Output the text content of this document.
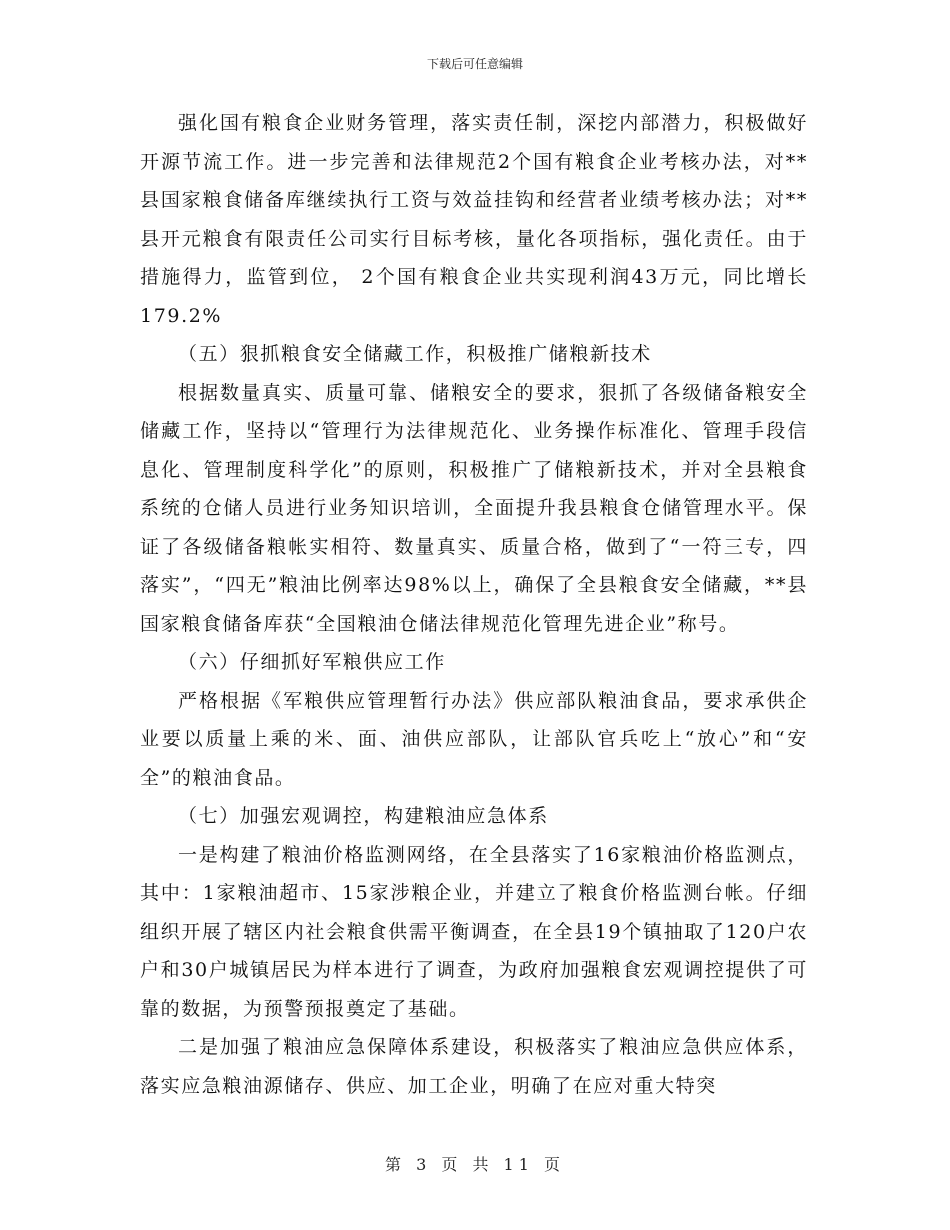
下载后可任意编辑

强化国有粮食企业财务管理，落实责任制，深挖内部潜力，积极做好开源节流工作。进一步完善和法律规范2个国有粮食企业考核办法，对**县国家粮食储备库继续执行工资与效益挂钩和经营者业绩考核办法；对**县开元粮食有限责任公司实行目标考核，量化各项指标，强化责任。由于措施得力，监管到位， 2个国有粮食企业共实现利润43万元，同比增长179.2%

（五）狠抓粮食安全储藏工作，积极推广储粮新技术

根据数量真实、质量可靠、储粮安全的要求，狠抓了各级储备粮安全储藏工作，坚持以“管理行为法律规范化、业务操作标准化、管理手段信息化、管理制度科学化”的原则，积极推广了储粮新技术，并对全县粮食系统的仓储人员进行业务知识培训，全面提升我县粮食仓储管理水平。保证了各级储备粮帐实相符、数量真实、质量合格，做到了“一符三专，四落实”，“四无”粮油比例率达98%以上，确保了全县粮食安全储藏，**县国家粮食储备库获“全国粮油仓储法律规范化管理先进企业”称号。

（六）仔细抓好军粮供应工作

严格根据《军粮供应管理暂行办法》供应部队粮油食品，要求承供企业要以质量上乘的米、面、油供应部队，让部队官兵吃上“放心”和“安全”的粮油食品。

（七）加强宏观调控，构建粮油应急体系

一是构建了粮油价格监测网络，在全县落实了16家粮油价格监测点，其中：1家粮油超市、15家涉粮企业，并建立了粮食价格监测台帐。仔细组织开展了辖区内社会粮食供需平衡调查，在全县19个镇抽取了120户农户和30户城镇居民为样本进行了调查，为政府加强粮食宏观调控提供了可靠的数据，为预警预报奠定了基础。

二是加强了粮油应急保障体系建设，积极落实了粮油应急供应体系，落实应急粮油源储存、供应、加工企业，明确了在应对重大特突

第 3 页 共 11 页
